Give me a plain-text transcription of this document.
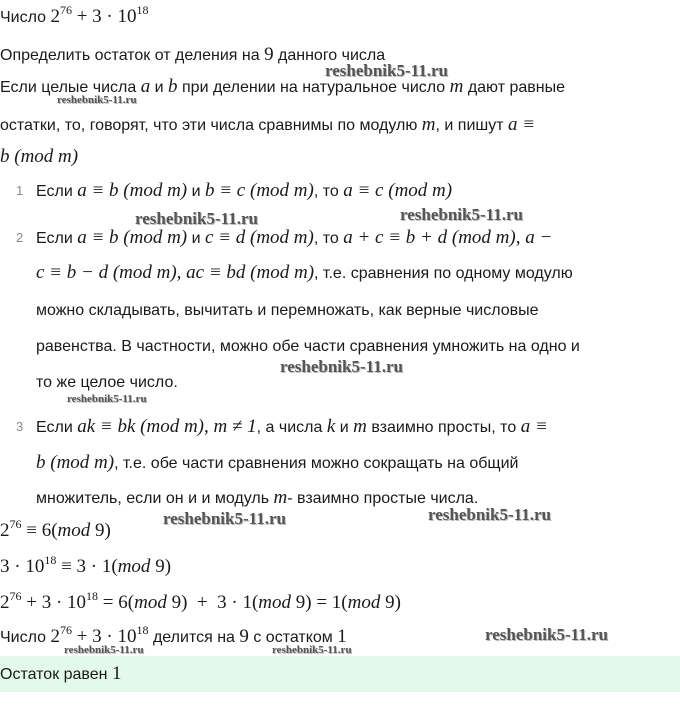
Число $2^{76} + 3 \cdot 10^{18}$
Определить остаток от деления на 9 данного числа
Если целые числа a и b при делении на натуральное число m дают равные
остатки, то, говорят, что эти числа сравнимы по модулю m, и пишут a ≡
b (mod m)
1 Если a ≡ b (mod m) и b ≡ c (mod m), то a ≡ c (mod m)
2 Если a ≡ b (mod m) и c ≡ d (mod m), то a + c ≡ b + d (mod m), a −
c ≡ b − d (mod m), ac ≡ bd (mod m), т.е. сравнения по одному модулю
можно складывать, вычитать и перемножать, как верные числовые
равенства. В частности, можно обе части сравнения умножить на одно и
то же целое число.
3 Если ak ≡ bk (mod m), m ≠ 1, а числа k и m взаимно просты, то a ≡
b (mod m), т.е. обе части сравнения можно сокращать на общий
множитель, если он и и модуль m- взаимно простые числа.
$2^{76} \equiv 6(mod$ 9)
$3 \cdot 10^{18} \equiv 3 \cdot 1(mod$ 9)
$2^{76} + 3 \cdot 10^{18} = 6(mod$ 9)  +  3 · 1(mod 9) = 1(mod 9)
Число $2^{76} + 3 \cdot 10^{18}$ делится на 9 с остатком 1
Остаток равен 1
reshebnik5-11.ru
reshebnik5-11.ru
reshebnik5-11.ru	reshebnik5-11.ru
reshebnik5-11.ru
reshebnik5-11.ru
reshebnik5-11.ru	reshebnik5-11.ru
reshebnik5-11.ru
reshebnik5-11.ru	reshebnik5-11.ru
